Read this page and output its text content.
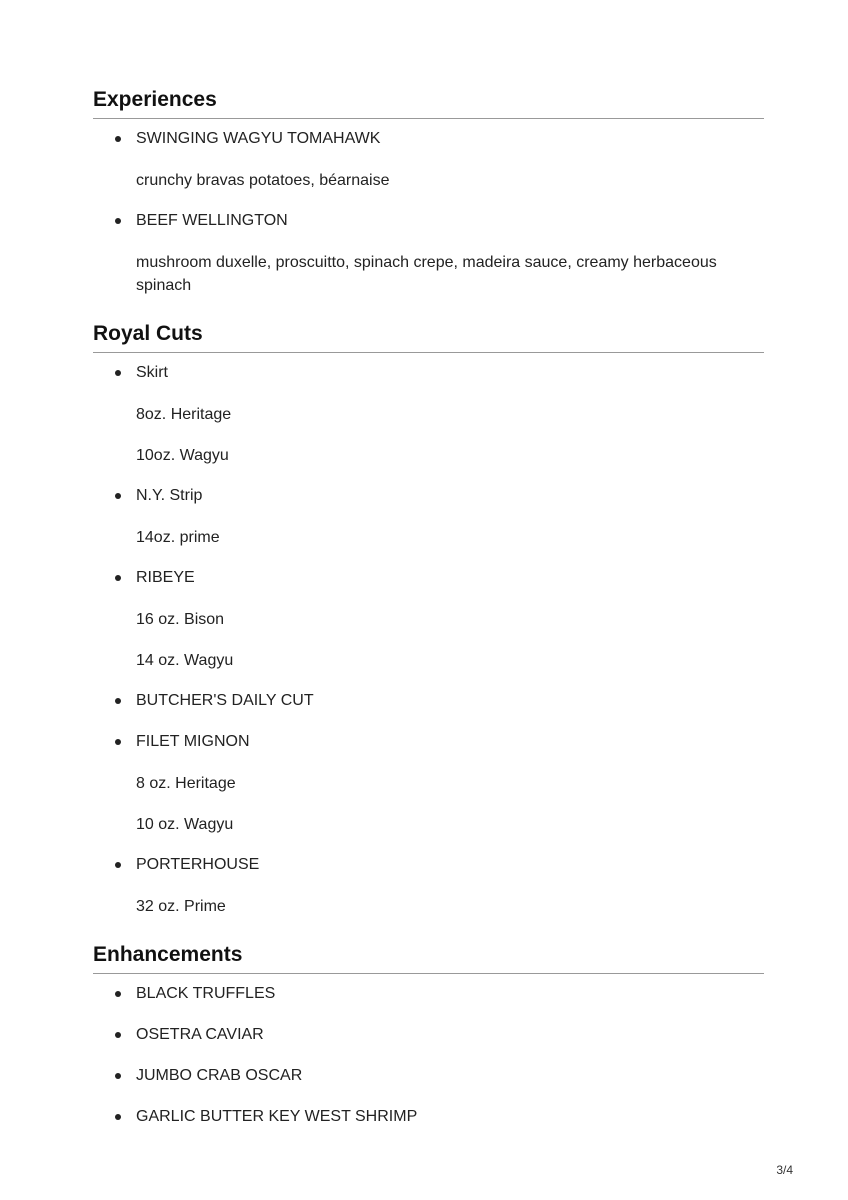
Experiences
SWINGING WAGYU TOMAHAWK
crunchy bravas potatoes, béarnaise
BEEF WELLINGTON
mushroom duxelle, proscuitto, spinach crepe, madeira sauce, creamy herbaceous spinach
Royal Cuts
Skirt
8oz. Heritage
10oz. Wagyu
N.Y. Strip
14oz. prime
RIBEYE
16 oz. Bison
14 oz. Wagyu
BUTCHER'S DAILY CUT
FILET MIGNON
8 oz. Heritage
10 oz. Wagyu
PORTERHOUSE
32 oz. Prime
Enhancements
BLACK TRUFFLES
OSETRA CAVIAR
JUMBO CRAB OSCAR
GARLIC BUTTER KEY WEST SHRIMP
3/4
